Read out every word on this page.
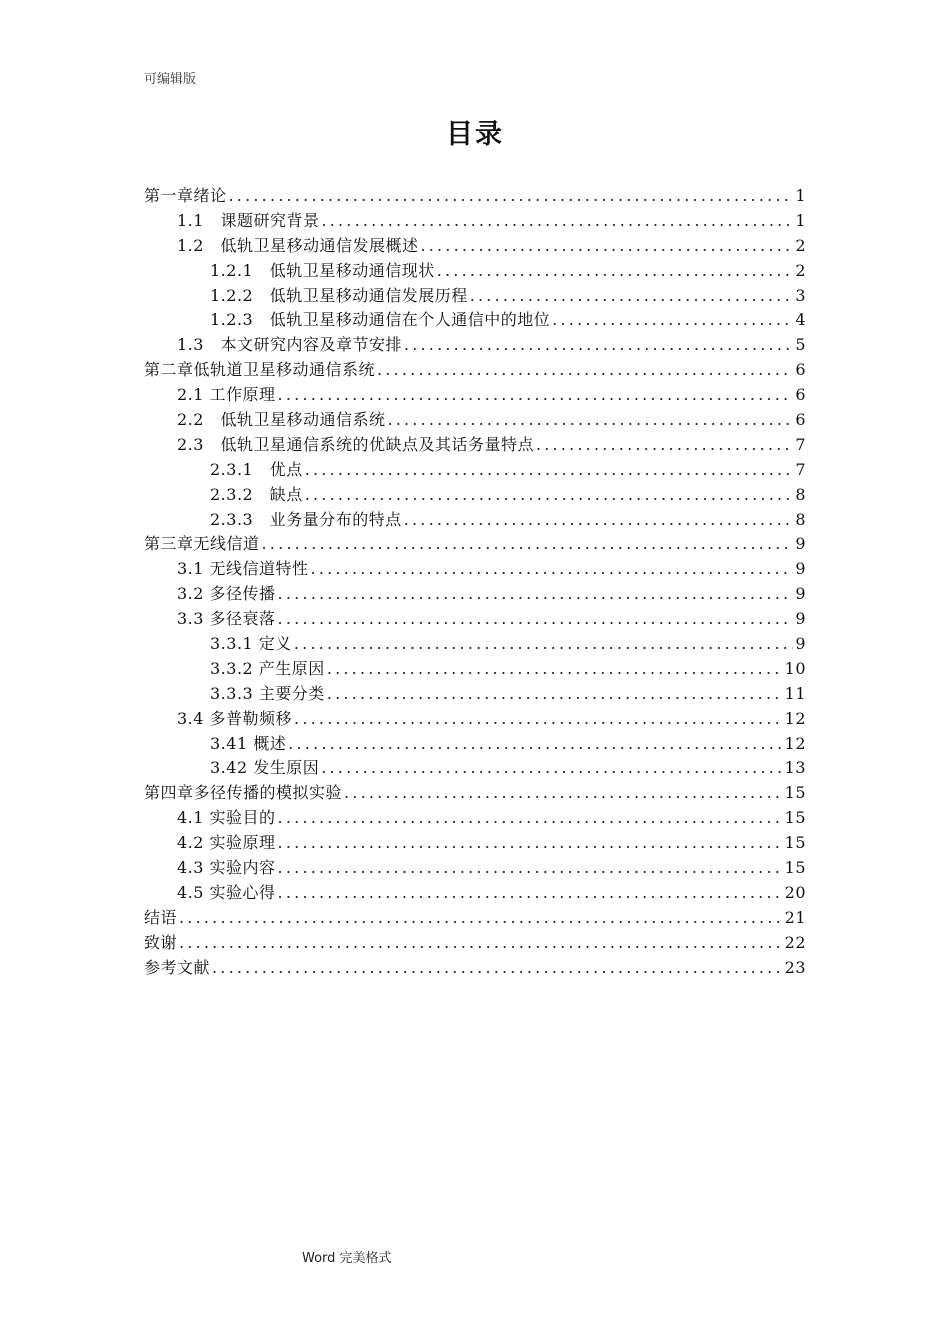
可编辑版
目录
第一章绪论 .....	1
1.1　课题研究背景 .....	1
1.2　低轨卫星移动通信发展概述 .....	2
1.2.1　低轨卫星移动通信现状 .....	2
1.2.2　低轨卫星移动通信发展历程 .....	3
1.2.3　低轨卫星移动通信在个人通信中的地位 .....	4
1.3　本文研究内容及章节安排 .....	5
第二章低轨道卫星移动通信系统 .....	6
2.1 工作原理 .....	6
2.2　低轨卫星移动通信系统 .....	6
2.3　低轨卫星通信系统的优缺点及其话务量特点 .....	7
2.3.1　优点 .....	7
2.3.2　缺点 .....	8
2.3.3　业务量分布的特点 .....	8
第三章无线信道 .....	9
3.1 无线信道特性 .....	9
3.2 多径传播 .....	9
3.3 多径衰落 .....	9
3.3.1 定义 .....	9
3.3.2 产生原因 .....	10
3.3.3 主要分类 .....	11
3.4 多普勒频移 .....	12
3.41 概述 .....	12
3.42 发生原因 .....	13
第四章多径传播的模拟实验 .....	15
4.1 实验目的 .....	15
4.2 实验原理 .....	15
4.3 实验内容 .....	15
4.5 实验心得 .....	20
结语 .....	21
致谢 .....	22
参考文献 .....	23
Word 完美格式
